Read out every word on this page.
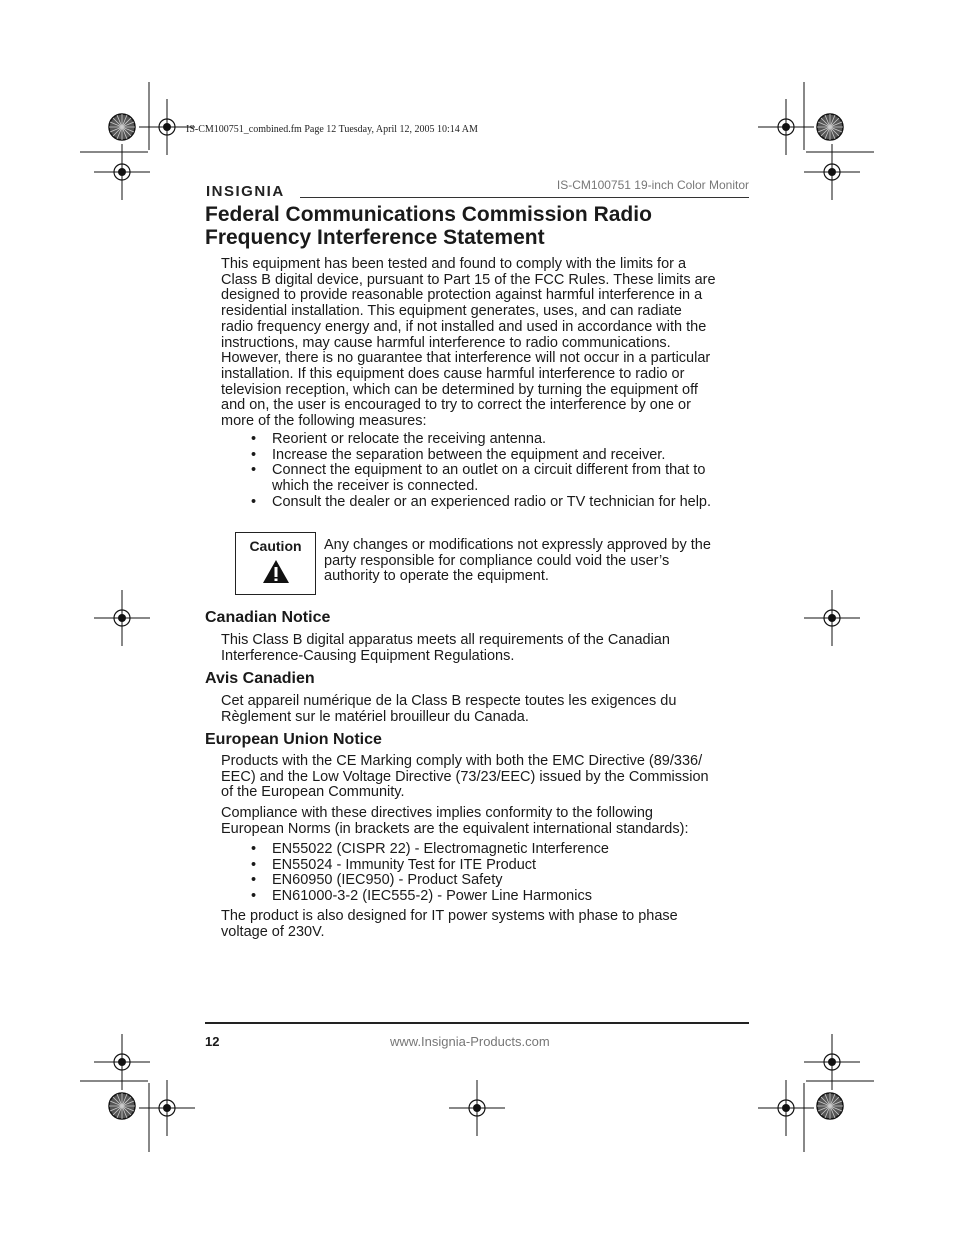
IS-CM100751_combined.fm Page 12 Tuesday, April 12, 2005 10:14 AM
INSIGNIA	IS-CM100751 19-inch Color Monitor
Federal Communications Commission Radio
Frequency Interference Statement

This equipment has been tested and found to comply with the limits for a
Class B digital device, pursuant to Part 15 of the FCC Rules. These limits are
designed to provide reasonable protection against harmful interference in a
residential installation. This equipment generates, uses, and can radiate
radio frequency energy and, if not installed and used in accordance with the
instructions, may cause harmful interference to radio communications.
However, there is no guarantee that interference will not occur in a particular
installation. If this equipment does cause harmful interference to radio or
television reception, which can be determined by turning the equipment off
and on, the user is encouraged to try to correct the interference by one or
more of the following measures:

• Reorient or relocate the receiving antenna.
• Increase the separation between the equipment and receiver.
• Connect the equipment to an outlet on a circuit different from that to
which the receiver is connected.
• Consult the dealer or an experienced radio or TV technician for help.
Caution	Any changes or modifications not expressly approved by the
party responsible for compliance could void the user’s
authority to operate the equipment.
Canadian Notice

This Class B digital apparatus meets all requirements of the Canadian
Interference-Causing Equipment Regulations.

Avis Canadien

Cet appareil numérique de la Class B respecte toutes les exigences du
Règlement sur le matériel brouilleur du Canada.

European Union Notice

Products with the CE Marking comply with both the EMC Directive (89/336/
EEC) and the Low Voltage Directive (73/23/EEC) issued by the Commission
of the European Community.

Compliance with these directives implies conformity to the following
European Norms (in brackets are the equivalent international standards):

• EN55022 (CISPR 22) - Electromagnetic Interference
• EN55024 - Immunity Test for ITE Product
• EN60950 (IEC950) - Product Safety
• EN61000-3-2 (IEC555-2) - Power Line Harmonics

The product is also designed for IT power systems with phase to phase
voltage of 230V.

12	www.Insignia-Products.com
